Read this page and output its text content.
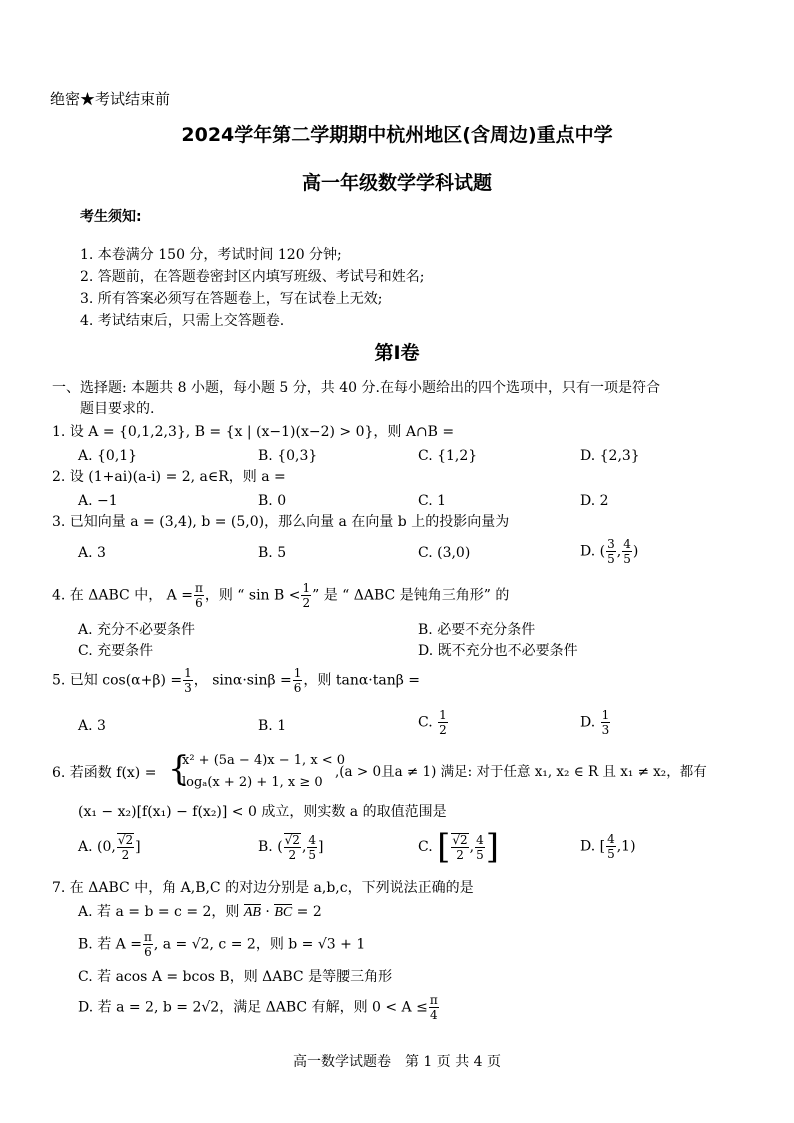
绝密★考试结束前
2024学年第二学期期中杭州地区(含周边)重点中学
高一年级数学学科试题
考生须知:
1. 本卷满分 150 分，考试时间 120 分钟;
2. 答题前，在答题卷密封区内填写班级、考试号和姓名;
3. 所有答案必须写在答题卷上，写在试卷上无效;
4. 考试结束后，只需上交答题卷.
第Ⅰ卷
一、选择题: 本题共 8 小题，每小题 5 分，共 40 分.在每小题给出的四个选项中，只有一项是符合
题目要求的.
1. 设 A = {0,1,2,3}, B = {x | (x−1)(x−2) > 0}，则 A∩B =
A. {0,1}	B. {0,3}	C. {1,2}	D. {2,3}
2. 设 (1+ai)(a-i) = 2, a∈R，则 a =
A. −1	B. 0	C. 1	D. 2
3. 已知向量 a = (3,4), b = (5,0)，那么向量 a 在向量 b 上的投影向量为
A. 3	B. 5	C. (3,0)	D. ( $\frac{3}{5}$ , $\frac{4}{5}$ )
4. 在 ΔABC 中， $A = \frac{\pi}{6}$ ，则 “ $\sin B < \frac{1}{2}$ ” 是 “ ΔABC 是钝角三角形” 的
A. 充分不必要条件	B. 必要不充分条件
C. 充要条件	D. 既不充分也不必要条件
5. 已知 $\cos(\alpha+\beta) = \frac{1}{3}$ ， $\sin\alpha\cdot\sin\beta = \frac{1}{6}$ ，则 tanα·tanβ =
A. 3	B. 1	C. $\frac{1}{2}$	D. $\frac{1}{3}$
6. 若函数 f(x) = {
x² + (5a − 4)x − 1, x < 0
logₐ(x + 2) + 1, x ≥ 0
,(a > 0且a ≠ 1) 满足: 对于任意 x₁, x₂ ∈ R 且 x₁ ≠ x₂，都有
(x₁ − x₂)[f(x₁) − f(x₂)] < 0 成立，则实数 a 的取值范围是
A. (0, $\frac{√2}{2}$ ]	B. ( $\frac{√2}{2}$ , $\frac{4}{5}$ ]	C. [ $\frac{√2}{2}$ , $\frac{4}{5}$ ]	D. [ $\frac{4}{5} ,1$)
7. 在 ΔABC 中，角 A,B,C 的对边分别是 a,b,c，下列说法正确的是
A. 若 a = b = c = 2，则 AB · BC = 2
B. 若 $A = \frac{\pi}{6}$ , a = √2, c = 2，则 b = √3 + 1
C. 若 acos A = bcos B，则 ΔABC 是等腰三角形
D. 若 a = 2, b = 2√2，满足 ΔABC 有解，则 $0 < A \le \frac{\pi}{4}$
高一数学试题卷　第 1 页 共 4 页
